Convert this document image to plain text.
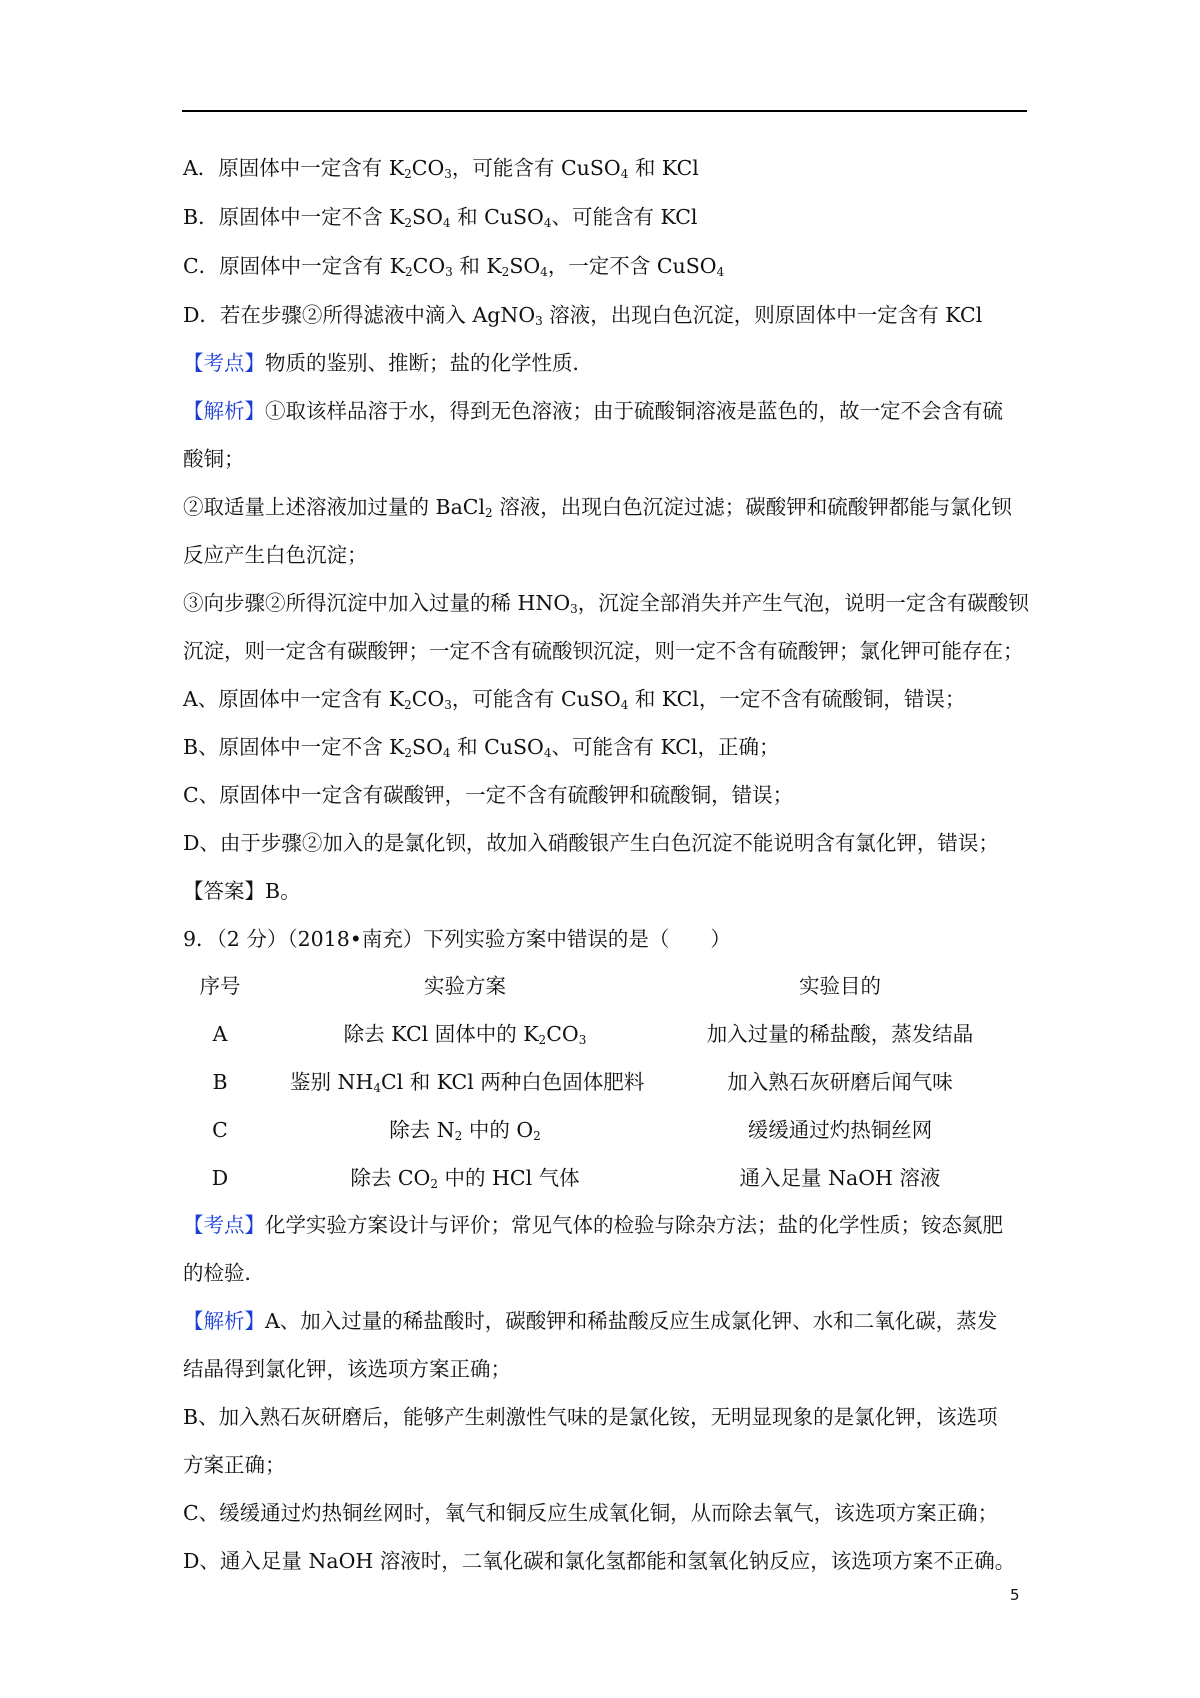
A．原固体中一定含有 $K_2CO_3$，可能含有 CuSO$_4$ 和 KCl
B．原固体中一定不含 $K_2SO_4$ 和 CuSO$_4$、可能含有 KCl
C．原固体中一定含有 $K_2CO_3$ 和 $K_2SO_4$，一定不含 CuSO$_4$
D．若在步骤②所得滤液中滴入 AgNO$_3$ 溶液，出现白色沉淀，则原固体中一定含有 KCl
【考点】物质的鉴别、推断；盐的化学性质．
【解析】①取该样品溶于水，得到无色溶液；由于硫酸铜溶液是蓝色的，故一定不会含有硫
酸铜；
②取适量上述溶液加过量的 BaCl$_2$ 溶液，出现白色沉淀过滤；碳酸钾和硫酸钾都能与氯化钡
反应产生白色沉淀；
③向步骤②所得沉淀中加入过量的稀 $HNO_3$，沉淀全部消失并产生气泡，说明一定含有碳酸钡
沉淀，则一定含有碳酸钾；一定不含有硫酸钡沉淀，则一定不含有硫酸钾；氯化钾可能存在；
A、原固体中一定含有 $K_2CO_3$，可能含有 CuSO$_4$ 和 KCl，一定不含有硫酸铜，错误；
B、原固体中一定不含 $K_2SO_4$ 和 CuSO$_4$、可能含有 KCl，正确；
C、原固体中一定含有碳酸钾，一定不含有硫酸钾和硫酸铜，错误；
D、由于步骤②加入的是氯化钡，故加入硝酸银产生白色沉淀不能说明含有氯化钾，错误；
【答案】B。
9．（2 分）（2018•南充）下列实验方案中错误的是（　　）
序号	实验方案	实验目的
A	除去 KCl 固体中的 $K_2CO_3$	加入过量的稀盐酸，蒸发结晶
B	鉴别 $NH_4Cl$ 和 KCl 两种白色固体肥料	加入熟石灰研磨后闻气味
C	除去 $N_2$ 中的 $O_2$	缓缓通过灼热铜丝网
D	除去 $CO_2$ 中的 HCl 气体	通入足量 NaOH 溶液
【考点】化学实验方案设计与评价；常见气体的检验与除杂方法；盐的化学性质；铵态氮肥
的检验．
【解析】A、加入过量的稀盐酸时，碳酸钾和稀盐酸反应生成氯化钾、水和二氧化碳，蒸发
结晶得到氯化钾，该选项方案正确；
B、加入熟石灰研磨后，能够产生刺激性气味的是氯化铵，无明显现象的是氯化钾，该选项
方案正确；
C、缓缓通过灼热铜丝网时，氧气和铜反应生成氧化铜，从而除去氧气，该选项方案正确；
D、通入足量 NaOH 溶液时，二氧化碳和氯化氢都能和氢氧化钠反应，该选项方案不正确。
5
